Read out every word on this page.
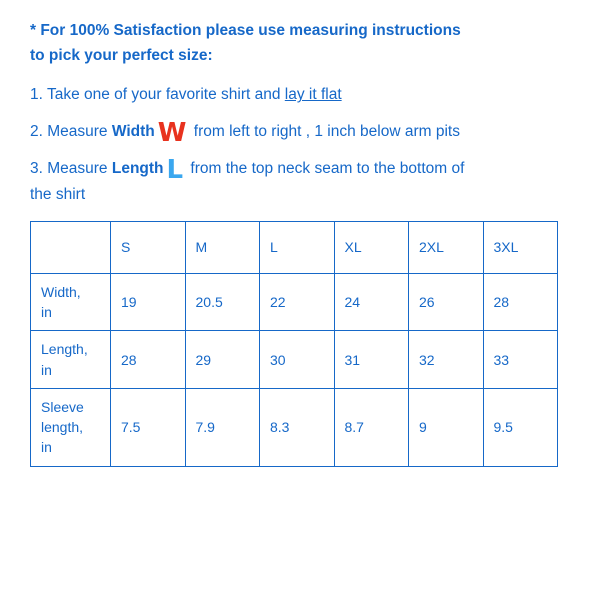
* For 100% Satisfaction please use measuring instructions
to pick your perfect size:

1. Take one of your favorite shirt and lay it flat

2. Measure Width W from left to right , 1 inch below arm pits

3. Measure Length L from the top neck seam to the bottom of
the shirt

	S	M	L	XL	2XL	3XL
Width,
in	19	20.5	22	24	26	28
Length,
in	28	29	30	31	32	33
Sleeve
length,
in	7.5	7.9	8.3	8.7	9	9.5
